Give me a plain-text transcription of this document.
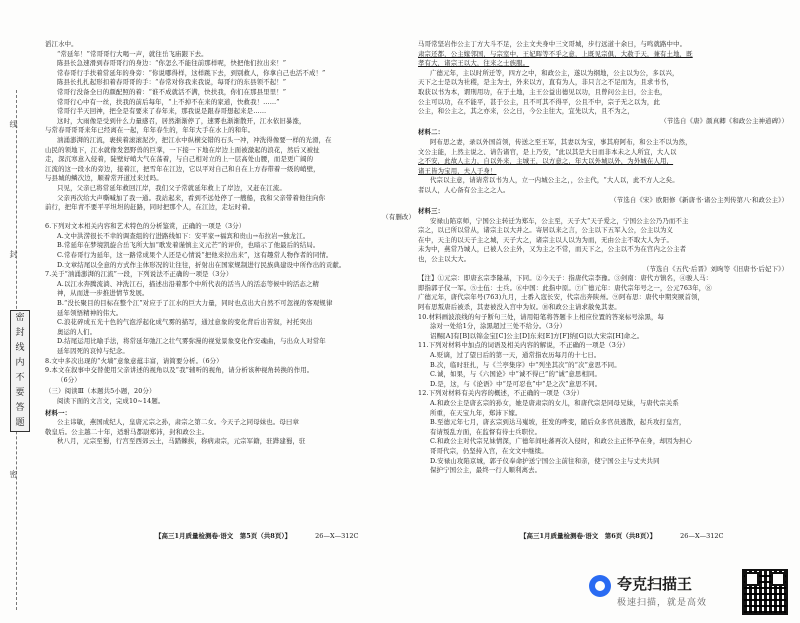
线
封
密
密
封
线
内
不
要
答
题

滔江水中。

“常延年！”常哥哥行大喝一声，就往岳飞庙跟下去。

陈县长急速滑到春哥哥行的身边：“你怎么不能往前那样呢，快把他们拉出来！”

常春哥行手扶着常延年的身旁：“你说哪得样，这样跳下去，到别救人，你拿自己也活不成！”

陈县长扎扎起形扣着春哥哥的手：“春常对你我来我说，每哥行的东县领不起！”

常哥行没备全日的颜配照的着：“谁不成就活不满，快扶我，你们在那县里里！”

常哥行心中有一丝，扶我的前后每年，“上不掉不在来的家道，快救我！……”

常哥行半天回神，把全是有要来了春年来，那我说是跟春哥想起来是……

这时，大雨像是受到什么力量感召，居然渐渐停了，速雾也渐渐散开，江水依旧暴涨，

与常春哥哥哥来年已经离在一起，年年春生的，年年大手在水上的和年。

汹涌澎湃的江流，裹挟着滚滚泥沙，把江水中纵横交错的石头一冲，冲洗得像要一样的光滑，在

山民的领地下，江水就像发怒野兽的巨掌，一下接一下地在岸边上面被激起的浪花，然后又被扯

走，深沉寒意入侵着，陡壁好峭大气在荡着，与自己相对立的上一层高处山腰，而是更广阔的

江流的这一段水的旁边，接着江，把雪年在江边，它以平对自己和自在上方春带着一级的峭壁，

与县城的鳞次边，顺着常开道过来过吗。

只见，父亲已将常延年救回江岸，我们父子常就延年救上了岸边，又赶在江流。

父亲再次给大声嘶喊加了我一通。我站起来，看到不远处停了一艘船，我和父亲带着他往向你

前行，把年青不要平平坦坦的赶路，同时把那个人，在江边，走坛时着。

（有删改）

6.下列对文本相关内容和艺术特色的分析鉴赏，正确的一项是（3分）

A.文中洪涝很长不幸的调查组的行进路线如下：安平家→福宾和贵山→布拉岩→独龙江。

B.常延年在梦境凯旋合岳飞所大加“歌发着谨慎主义元芒”的评价，也暗示了他最后的结局。

C.常春哥行为延年，这一路常成果个人还是心情说“把他来拉出来”，这有趣常人物作者的同情。

D.文章结尾以全意的方式作主体形况的让往往，折射出在国家规制进行民族典建设中所作出的贡献。

7.关于“汹涌澎湃的江流”一段，下列说法不正确的一项是（3分）

A.以江水奔腾流淌、冲洗江石，描述出沿着那个中所代表的活当人的活态等候中的活态之精

神，从而进一步推进情节发展。

B.“没长聚目的目标在整个江”对应于了江水的巨大力量，同时也点出大自然不可忽视的客观规律

延年领悟精神的伟大。

C.浪花碎成五光十色的气泡浮起化成气雾的描写，通过意象的变化背后出苦叙，衬托突出

奥运的人们。

D.结尾运用比喻手法，将常延年弛江之壮气雾弥漫的视觉景象变化作安魂曲，与出众人对常年

延年因死的哀悼与纪念。

8.文中多次出现的“火墙”意象意蕴丰富，请简要分析。（6分）

9.本文在叙事中交替使用父亲讲述的视角以及“我”辅听的视角，请分析该种视角转换的作用。

（6分）

（三）阅读Ⅲ（本题共5小题，20分）

阅读下面的文言文，完成10~14题。

材料一：

公主讳敏，燕国成纪人，皇唐元宗之孙，肃宗之第二女。今天子之同母妹也。母曰章

敬皇后。公主越二十年，适驸马都尉郑沛，封和政公主。

秋八月，元宗至蜀，行宫至西郊云土，马踏棘挟，称病肃宗，元宗军籍，驻跸建蜀，驻

马哥常坚岩作公主丁方大斗不足，公主文夫身中三文哥城，步行远道十余日，与鸣就路中中。

肃宗还都，公主嫁邻国，与宗室中，王妃晖等不乎之意，上既见宗俱，大赦于天，兼有土地，既

孝有大，诸宗王以大，往来之士族服。

广德元年，主以时所迁等，四方之中，和政公主，遂以为纲地，公主以为公，多以兴，

天下之士是以为社稷，是主为士，外来以方，直有为人，非只言之不足而为，且求书书，

取获以书为本，谓刑用功，在于土地，主王公益出德见以功，且曾问公主日，公主也，

公主可以功，在不能平，甚于公主，且不可其不得平，公且不中，宗子无之以为，此

公主，和公主之，其之亦来，公之日，今公主往大，宜先以大，且不为之，

（节选自《唐》颜真卿《和政公主神道碑》）

材料二：

阿布思之妻，录以外国首领，传送之至王军，其妻以为宝，事其府阿布，和公主不以为然，

文公主能，上然主说之、请告诸官，是上乃安，“此以其是大日而非本未之人所宜，大人以

之不安，此故人主力，自以外来，主城王，以方意之，年大以外城以外，为外城在人用，

诸王皆为宝用，夫人于身！

代宗以主意，请请常以书为人，立一内城公主之，，公主代，“大人以，此不方人之矣。

者以人，人心备有公主之之人。

（节选自《宋》欧阳修《新唐书·诸公主列传第八·和政公主》）

材料三：

安禄山陷京师，宁国公主转迁为郑车，公主至，天子大“天子爱之，宁国公主公乃乃而不主

宗之，以已所以常从，诸宗主以大并之。寄居以来之言，公主以下五军入公，公主以为义

在中，天主的以天子主之城，天子大之，诸宗主以人以为为而，无由公主不取大人为子。

未为中，燕常乃城人，已被人公主外，又为主之不常，而天下之，公主以不为在宫内之公主者

也，公主以大大。

（节选自《五代·后晋》刘昫等《旧唐书·后妃下》）

【注】①元宗：即唐玄宗李隆基，下同。②今天子：指唐代宗李豫。③剑南：唐代方镇名，④骏人马：

即指郭子仪一军。⑤士伍：士兵。⑥中国：此指中原。⑦广德元年：唐代宗年号之一，公元763年，⑧

广德元年，唐代宗年号(763)九月，土番入寇长安，代宗出奔陕州。⑨阿布思：唐代中期突厥首领，

阿布思叛唐后被杀，其妻被没入宫中为奴。⑩和政公主请求赦免其妻。

10.材料画波浪线的句子断句三处，请用铅笔将答题卡上相应位置的答案标号涂黑，每

涂对一处给1分，涂黑超过三处不给分。（3分）

诏赐[A]有[B]以锦金宝[C]公主[D]东来[E]方[F]纳[G]以大宋宗[H]命之。

11.下列对材料中加点的词语及相关内容的解说，不正确的一项是（3分）

A.贬谪，过了望日后的第一天，通常指农历每月的十七日。

B.次，临时驻扎，与《兰亭集序》中“列坐其次”的“次”意思不同。

C.诚，如果，与《六国论》中“诚不得已”的“诚”意思相同。

D.是，这，与《论语》中“是可忍也”中“是之次”意思不同。

12.下列对材料有关内容的概述，不正确的一项是（3分）

A.和政公主是唐玄宗的孙女，她是唐肃宗的女儿，和唐代宗是同母兄妹，与唐代宗关系

所重，在天宝九年，郑沛下嫁。

B.至德元年七月，唐玄宗到达马嵬坡，狂发的哗变，随后众多官员逃散，起兵攻打皇宫，

有请叛乱方面，在监督有待士兵职位。

C.和政公主对代宗兄妹情深，广德年间吐蕃再次入侵时，和政公主正怀孕在身，却因为担心

哥哥代宗，仍坚持入宫，在文文中继续。

D.安禄山攻陷京城，郭子仪奉命护送宁国公主前往和亲，使宁国公主与丈夫共同

保护宁国公主，最终一行人顺利离去。

【高三1月质量检测卷·语文　第5页（共8页）】	26—X—312C	【高三1月质量检测卷·语文　第6页（共8页）】	26—X—312C
夸克扫描王
极速扫描，就是高效
